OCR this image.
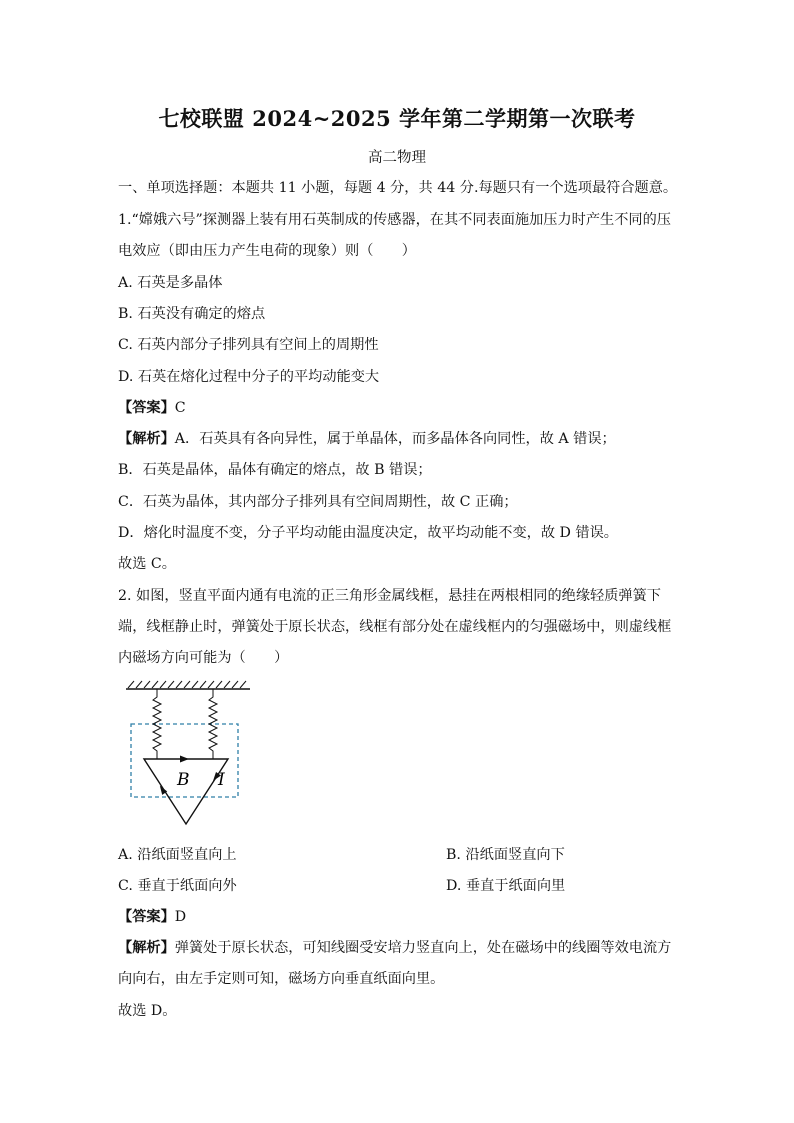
七校联盟 2024~2025 学年第二学期第一次联考
高二物理
一、单项选择题：本题共 11 小题，每题 4 分，共 44 分.每题只有一个选项最符合题意。
1.“嫦娥六号”探测器上装有用石英制成的传感器，在其不同表面施加压力时产生不同的压
电效应（即由压力产生电荷的现象）则（　　）
A. 石英是多晶体
B. 石英没有确定的熔点
C. 石英内部分子排列具有空间上的周期性
D. 石英在熔化过程中分子的平均动能变大
【答案】C
【解析】A．石英具有各向异性，属于单晶体，而多晶体各向同性，故 A 错误；
B．石英是晶体，晶体有确定的熔点，故 B 错误；
C．石英为晶体，其内部分子排列具有空间周期性，故 C 正确；
D．熔化时温度不变，分子平均动能由温度决定，故平均动能不变，故 D 错误。
故选 C。
2. 如图，竖直平面内通有电流的正三角形金属线框，悬挂在两根相同的绝缘轻质弹簧下
端，线框静止时，弹簧处于原长状态，线框有部分处在虚线框内的匀强磁场中，则虚线框
内磁场方向可能为（　　）
B I
A. 沿纸面竖直向上	B. 沿纸面竖直向下
C. 垂直于纸面向外	D. 垂直于纸面向里
【答案】D
【解析】弹簧处于原长状态，可知线圈受安培力竖直向上，处在磁场中的线圈等效电流方
向向右，由左手定则可知，磁场方向垂直纸面向里。
故选 D。
